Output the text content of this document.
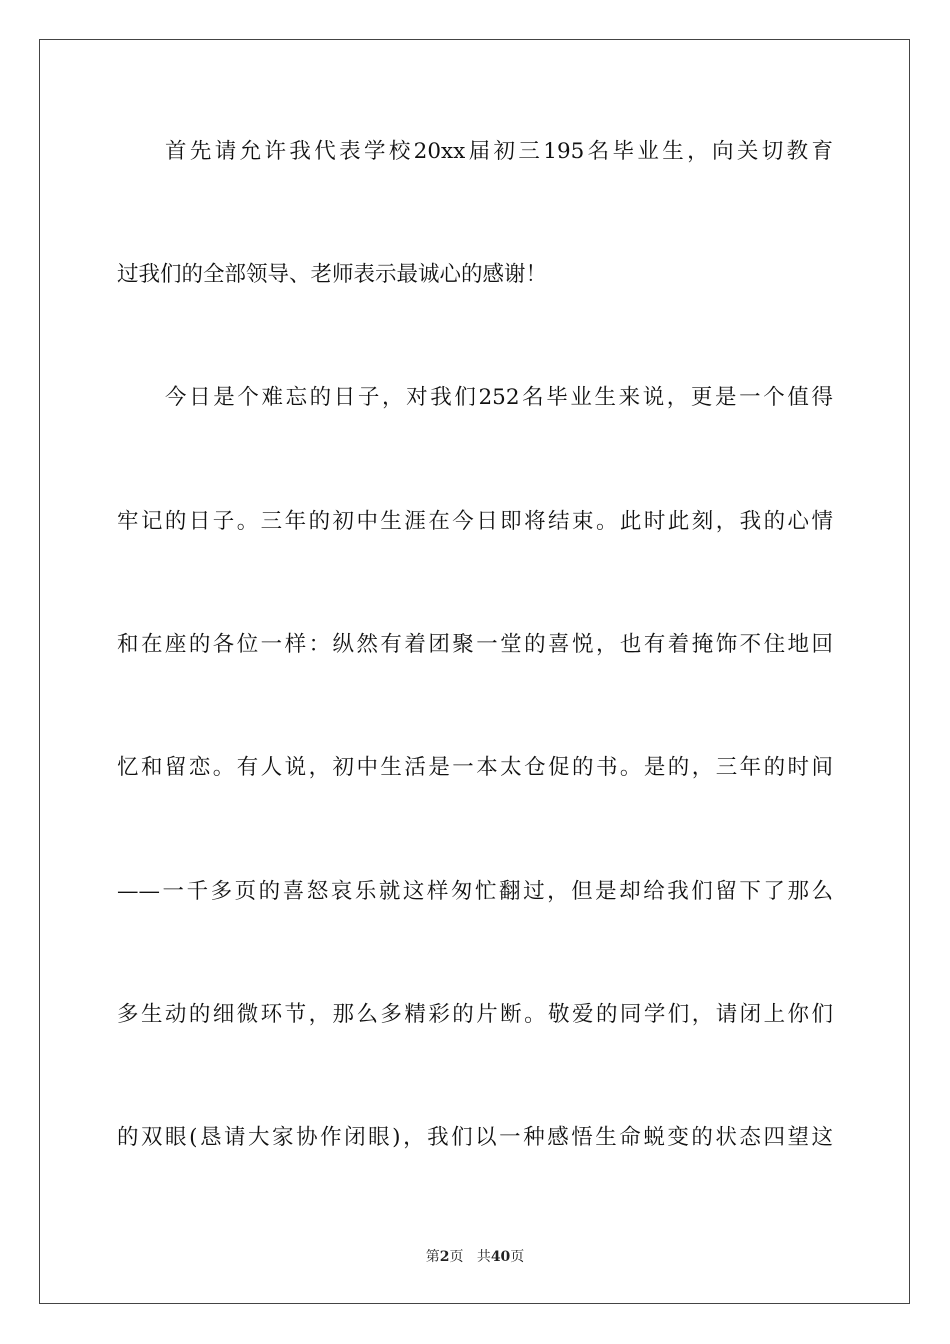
首先请允许我代表学校20xx届初三195名毕业生，向关切教育
过我们的全部领导、老师表示最诚心的感谢！
今日是个难忘的日子，对我们252名毕业生来说，更是一个值得
牢记的日子。三年的初中生涯在今日即将结束。此时此刻，我的心情
和在座的各位一样：纵然有着团聚一堂的喜悦，也有着掩饰不住地回
忆和留恋。有人说，初中生活是一本太仓促的书。是的，三年的时间
——一千多页的喜怒哀乐就这样匆忙翻过，但是却给我们留下了那么
多生动的细微环节，那么多精彩的片断。敬爱的同学们，请闭上你们
的双眼(恳请大家协作闭眼)，我们以一种感悟生命蜕变的状态四望这
第2页 共40页
